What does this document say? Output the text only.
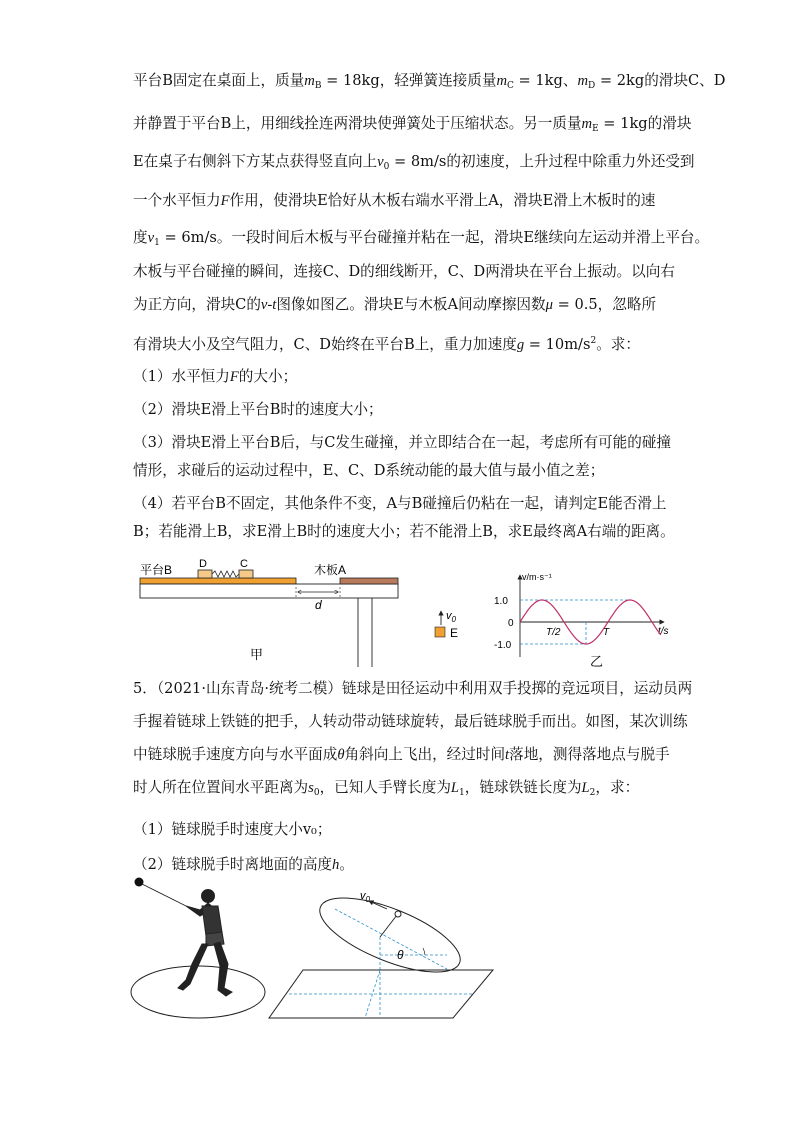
平台B固定在桌面上，质量$m_B = 18kg$，轻弹簧连接质量$m_C = 1kg$、$m_D = 2kg$的滑块C、D
并静置于平台B上，用细线拴连两滑块使弹簧处于压缩状态。另一质量$m_E = 1kg$的滑块
E在桌子右侧斜下方某点获得竖直向上$v_0 = 8m/s$的初速度，上升过程中除重力外还受到
一个水平恒力F作用，使滑块E恰好从木板右端水平滑上A，滑块E滑上木板时的速
度$v_1 = 6m/s$。一段时间后木板与平台碰撞并粘在一起，滑块E继续向左运动并滑上平台。
木板与平台碰撞的瞬间，连接C、D的细线断开，C、D两滑块在平台上振动。以向右
为正方向，滑块C的v-t图像如图乙。滑块E与木板A间动摩擦因数μ = 0.5，忽略所
有滑块大小及空气阻力，C、D始终在平台B上，重力加速度$g = 10m/s^2$。求：
（1）水平恒力F的大小；
（2）滑块E滑上平台B时的速度大小；
（3）滑块E滑上平台B后，与C发生碰撞，并立即结合在一起，考虑所有可能的碰撞
情形，求碰后的运动过程中，E、C、D系统动能的最大值与最小值之差；
（4）若平台B不固定，其他条件不变，A与B碰撞后仍粘在一起，请判定E能否滑上
B；若能滑上B，求E滑上B时的速度大小；若不能滑上B，求E最终离A右端的距离。
平台B D	C	木板A
d
$v_0$
E
甲
v/m·s⁻¹
t/s
1.0
0
-1.0
T/2	T
乙
5．（2021·山东青岛·统考二模）链球是田径运动中利用双手投掷的竞远项目，运动员两
手握着链球上铁链的把手，人转动带动链球旋转，最后链球脱手而出。如图，某次训练
中链球脱手速度方向与水平面成θ角斜向上飞出，经过时间t落地，测得落地点与脱手
时人所在位置间水平距离为$s_0$，已知人手臂长度为$L_1$，链球铁链长度为$L_2$，求：
（1）链球脱手时速度大小v₀；
（2）链球脱手时离地面的高度h。
$v_0$
θ
